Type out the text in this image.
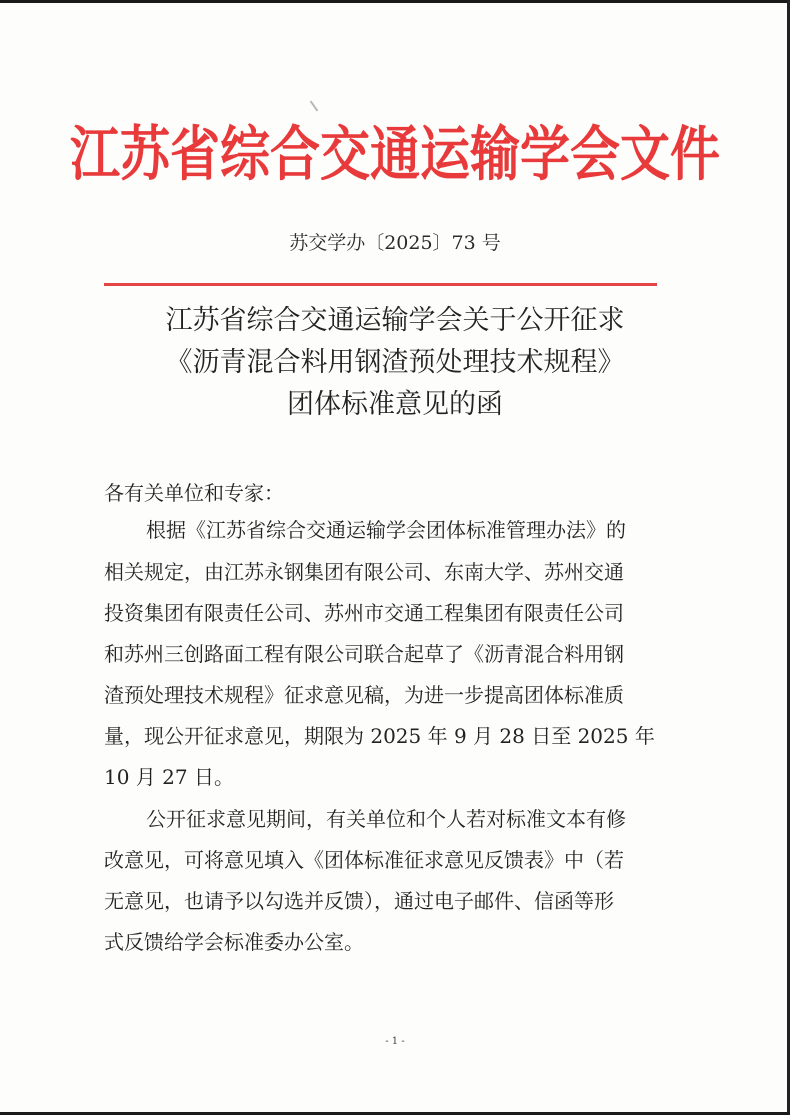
江苏省综合交通运输学会文件
苏交学办〔2025〕73 号
江苏省综合交通运输学会关于公开征求
《沥青混合料用钢渣预处理技术规程》
团体标准意见的函
各有关单位和专家：
根据《江苏省综合交通运输学会团体标准管理办法》的
相关规定，由江苏永钢集团有限公司、东南大学、苏州交通
投资集团有限责任公司、苏州市交通工程集团有限责任公司
和苏州三创路面工程有限公司联合起草了《沥青混合料用钢
渣预处理技术规程》征求意见稿，为进一步提高团体标准质
量，现公开征求意见，期限为 2025 年 9 月 28 日至 2025 年
10 月 27 日。
公开征求意见期间，有关单位和个人若对标准文本有修
改意见，可将意见填入《团体标准征求意见反馈表》中（若
无意见，也请予以勾选并反馈），通过电子邮件、信函等形
式反馈给学会标准委办公室。
- 1 -
